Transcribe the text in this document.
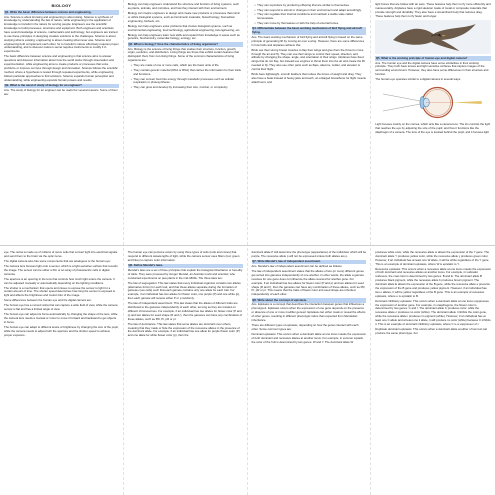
BIOLOGY
Q1. Write the basic difference between science and engineering.

Ans. Science is about knowing and engineering is about doing. Science is synthesis of knowledge by understanding the law of nature, while engineering is the application of knowledge to transform the nature for serving people. Engineers use the scientific knowledge to build processes, structures and equipment. Both engineers and scientists have sound knowledge of science, mathematics and technology, but engineers are trained to use these principles in designing creative solutions to the challenges. Science is about studying what is existing; engineering is about creating what never was. Science and engineering both complement each other, for to transform nature effectively requires proper understanding, and to discover nature's secret requires instruments to modify it in experiments.

The basic difference between science and engineering is that science aims to answer questions and discover information about how the world works through observation and experimentation, while engineering aims to create products or processes that solve problems or improve our lives through design and innovation. Science follows the scientific method, where a hypothesis is tested through repeated experiments, while engineering follows particular approaches to find solutions. Science expands human perception and understanding, while engineering expands human powers and results.

Q2. What is the need of study of biology for an engineer?

Ans. The study of biology for an engineer can be useful for several reasons. Some of them are:

Biology can help engineers understand the structure and function of living systems, such as plants, animals, and microbes, and how they interact with their environment.

Biology can inspire engineers to design and create new products or processes that mimic or utilize biological systems, such as biomimetic materials, biotechnology, biomedical engineering, biofuels, etc.

Biology can help engineers solve problems that involve biological systems, such as environmental engineering, food technology, agricultural engineering, bioengineering, etc.

Biology can help engineers learn new skills and expand their knowledge in areas such as genetics, biochemistry, molecular biology, ecology, etc.

Q3. What is biology? Give the characteristics of living organisms?

Ans. Biology is the science of living things that studies their structure, function, growth, origin, evolution, and distribution. Living things are those that exhibit certain features that distinguish them from non-living things. Some of the common characteristics of living organisms are:

• They are made of one or more cells, which are the basic units of life.
• They contain genetic material (DNA or RNA) that carries the information for their traits and functions.
• They can convert food into energy through metabolic processes such as cellular respiration or photosynthesis.
• They can grow and develop by increasing their size, number, or complexity.
• They can reproduce by producing offspring that are similar to themselves.
• They can respond to stimuli or changes in their environment and adapt accordingly.
• They can regulate their internal conditions and maintain a stable state called homeostasis.
• They can move by themselves or with the help of external forces.
Q4. Differentiate between the basic working mechanism of bird flying and aircraft flying.

Ans. The basic working mechanism of bird flying and aircraft flying is based on the same principle of generating lift by moving air over a wing. However, there are some differences in how birds and airplanes achieve this.

Birds use their strong breast muscles to flap their wings and give them the thrust to move through the air and fly. They can use their wings to control their speed, direction, and altitude by changing the shape, angle, and orientation of their wings. Airplanes have fixed wings that do not flap, but instead use engines to thrust them into the air and create the lift needed to fly. They also use other parts such as flaps, ailerons, rudder, and elevator to control their flight.

Birds have lightweight, smooth feathers that reduce the forces of weight and drag. They also have a beak instead of heavy jaws and teeth, an enlarged breastbone for flight muscle attachment, and

light bones that are hollow with air sacs. These features help them to fly more efficiently and maneuverably. Airplanes have a rigid skeleton made of metal or composite materials that provide strength and durability. They also have a streamlined body that reduces drag. These features help them to fly faster and longer.

Q5. What is the working principle of human eye and digital camera?

Ans. The human eye and the digital camera have some similarities in their working principle. They both have lenses and light sensitive surfaces that capture images of the surrounding environment. However, they also have some differences in their structure and function.

The human eye operates similar to a digital camera in several ways:

Light focuses mainly on the cornea, which acts like a camera lens. The iris controls the light that reaches the eye by adjusting the size of the pupil; and thus it functions like the diaphragm of a camera. The lens of the eye is located behind the pupil, and it focuses light

eye. The retina is made up of millions of nerve cells that convert light into electrical signals and send them to the brain via the optic nerve.

The digital camera also has some components that are analogous to the human eye:

The camera lens focuses light onto a sensor, which is a light-sensitive surface that records the image. The sensor can be either a film or an array of photoelectric cells in digital cameras.

The aperture is an opening in the lens that controls how much light enters the camera. It can be adjusted manually or automatically depending on the lighting conditions.

The shutter is a mechanism that opens and closes to expose the sensor to light for a certain amount of time. The shutter speed determines how long the sensor is exposed to light and affects the brightness and motion blur of the image.

Some differences between the human eye and the digital camera are:

The human eye has a curved retina that can capture a wide field of view, while the camera sensor is flat and has a limited angle of view.

The human eye can adjust its focus automatically by changing the shape of the lens, while the camera lens needs a manual or motor to move it forward and backward to get objects in focus.

The human eye can adapt to different levels of brightness by changing the size of the pupil, while the camera needs to adjust both the aperture and the shutter speed to achieve proper exposure.

The human eye can perceive colors by using three types of cells (rods and cones) that respond to different wavelengths of light, while the camera sensor uses filters (red, green and blue) to capture color information.

Q6. Define Mendel's laws.

Mendel's laws are a set of three principles that explain the biological inheritance or heredity of traits. They were proposed by Gregor Mendel, an Austrian monk and scientist, who conducted experiments on pea plants in the mid-1800s. The three laws are:

The law of segregation: This law states that every individual organism contains two alleles (alternative forms) for each trait, and that these alleles separate during the formation of gametes (sex cells) such that each gamete contains only one allele for each trait. For example, if an individual has two alleles for flower color, one purple (P) and one white (p), then each gamete will receive either P or p randomly.

The law of independent assortment: This law states that the alleles of different traits are distributed to the gametes independently of each other, as long as they are located on different chromosomes. For example, if an individual has two alleles for flower color (P and p) and two alleles for seed shape (R and r), then the gametes can have any combination of these alleles, such as PR, Pr, pR or pr.

The law of dominance: This law states that some alleles are dominant over others, meaning that they mask or hide the expression of the recessive alleles in the presence of the dominant allele. For example, if an individual has one allele for purple flower color (P) and one allele for white flower color (p), then the

dominant allele P will determine the phenotype (appearance) of the individual, which will be purple. The recessive allele p will not be expressed unless both alleles are p.

Q7. Write Mendel's law of independent assortment.

Ans. Mendel's law of independent assortment can be defined as follows:

The law of independent assortment states that the alleles of two (or more) different genes get sorted into gametes independently of one another. In other words, the allele a gamete receives for one gene does not influence the allele received for another gene. For example, if an individual has two alleles for flower color (P and p) and two alleles for seed shape (R and r), then the gametes can have any combination of these alleles, such as PR, Pr, pR or pr. This means that the traits of flower color and seed shape are inherited independently of each other.

Q8. Write about the concept of epistasis.

Ans. Epistasis is a concept that describes the interaction between genes that influences a phenotype1. Epistasis occurs when the expression of one gene depends on the presence or absence of one or more modifier genes2. Epistasis can either mask or reveal the effects of other genes, resulting in different phenotypic ratios than expected from Mendelian inheritance.

There are different types of epistasis, depending on how the genes interact with each other. Some common types are:

Dominant epistasis: This occurs when a dominant allele at one locus masks the expression of both dominant and recessive alleles at another locus. For example, in summer squash, the color of the fruit is determined by two genes: W and Y. The dominant allele W

produces white color, while the recessive allele w allows the expression of the Y gene. The dominant allele Y produces yellow color, while the recessive allele y produces green color. However, if an individual has at least one W allele, it will be white regardless of the Y gene. This is an example of dominant epistasis, where W is epistatic to Y.

Recessive epistasis: This occurs when a recessive allele at one locus masks the expression of both dominant and recessive alleles at another locus. For example, in Labrador retrievers, the coat color is determined by two genes: B and E. The dominant allele B produces black pigment, while the recessive allele b produces brown pigment. The dominant allele E allows the expression of the B gene, while the recessive allele e prevents the expression of the B gene and produces yellow pigment. However, if an individual has two e alleles, it will be yellow regardless of the B gene. This is an example of recessive epistasis, where e is epistatic to B.

Dominant inhibitory epistasis: This occurs when a dominant allele at one locus suppresses the expression of another gene. For example, in snapdragons, the flower color is determined by two genes: C and I. The dominant allele C produces color, while the recessive allele c produces no color (white). The dominant allele I inhibits the color gene, while the recessive allele i produces no pigment (white). However, if an individual has at least one C allele and at least one ii allele, it will produce no color (white) because C inhibits ii. This is an example of dominant inhibitory epistasis, where C is a suppressor of I.

Duplicate dominant epistasis: This occurs when a dominant allele at either of two loci can produce the same phenotype. For
